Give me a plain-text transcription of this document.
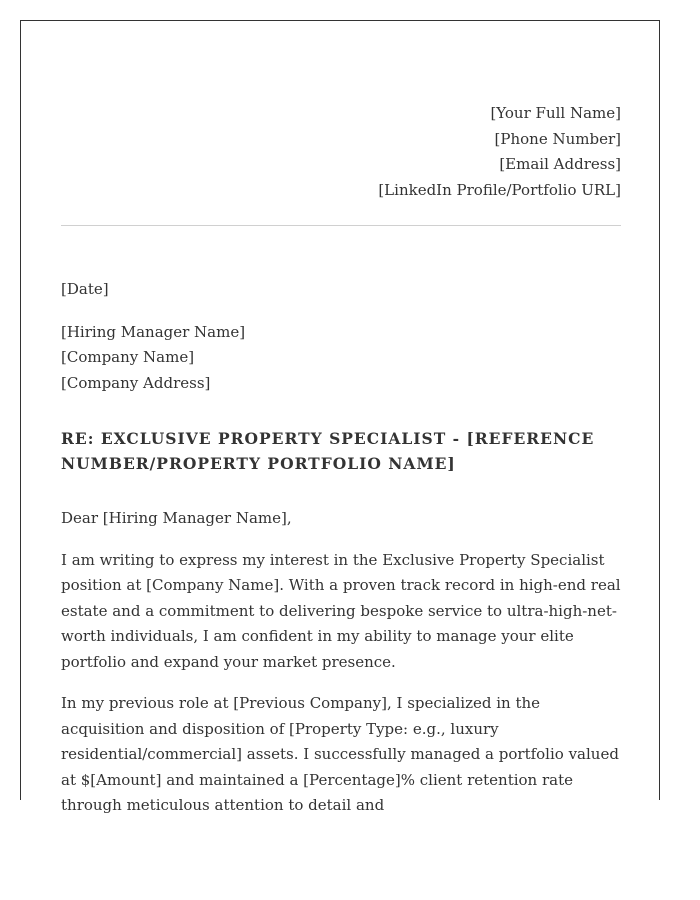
[Your Full Name]
[Phone Number]
[Email Address]
[LinkedIn Profile/Portfolio URL]
[Date]
[Hiring Manager Name]
[Company Name]
[Company Address]
RE: EXCLUSIVE PROPERTY SPECIALIST - [REFERENCE NUMBER/PROPERTY PORTFOLIO NAME]
Dear [Hiring Manager Name],

I am writing to express my interest in the Exclusive Property Specialist position at [Company Name]. With a proven track record in high-end real estate and a commitment to delivering bespoke service to ultra-high-net-worth individuals, I am confident in my ability to manage your elite portfolio and expand your market presence.

In my previous role at [Previous Company], I specialized in the acquisition and disposition of [Property Type: e.g., luxury residential/commercial] assets. I successfully managed a portfolio valued at $[Amount] and maintained a [Percentage]% client retention rate through meticulous attention to detail and
